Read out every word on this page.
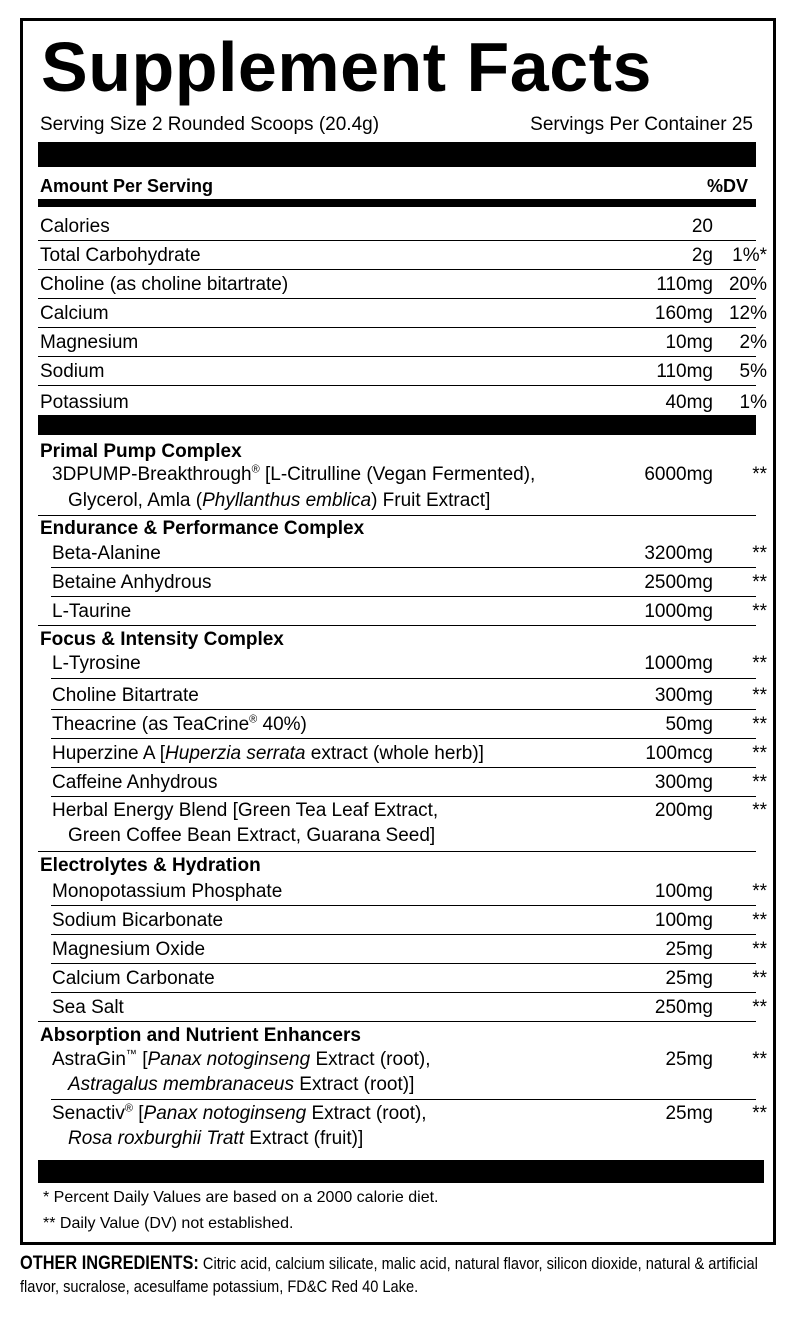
Supplement Facts
Serving Size 2 Rounded Scoops (20.4g)	Servings Per Container 25
Amount Per Serving	%DV
Calories	20
Total Carbohydrate	2g 1%*
Choline (as choline bitartrate)	110mg 20%
Calcium	160mg 12%
Magnesium	10mg 2%
Sodium	110mg 5%
Potassium	40mg 1%
Primal Pump Complex
3DPUMP-Breakthrough® [L-Citrulline (Vegan Fermented),
Glycerol, Amla (Phyllanthus emblica) Fruit Extract]
6000mg **
Endurance & Performance Complex
Beta-Alanine	3200mg **
Betaine Anhydrous	2500mg **
L-Taurine	1000mg **
Focus & Intensity Complex
L-Tyrosine	1000mg **
Choline Bitartrate	300mg **
Theacrine (as TeaCrine® 40%)	50mg **
Huperzine A [Huperzia serrata extract (whole herb)]	100mcg **
Caffeine Anhydrous	300mg **
Herbal Energy Blend [Green Tea Leaf Extract,
Green Coffee Bean Extract, Guarana Seed]
200mg **
Electrolytes & Hydration
Monopotassium Phosphate	100mg **
Sodium Bicarbonate	100mg **
Magnesium Oxide	25mg **
Calcium Carbonate	25mg **
Sea Salt	250mg **
Absorption and Nutrient Enhancers
AstraGin™ [Panax notoginseng Extract (root),
Astragalus membranaceus Extract (root)]
25mg **
Senactiv® [Panax notoginseng Extract (root),
Rosa roxburghii Tratt Extract (fruit)]
25mg **
* Percent Daily Values are based on a 2000 calorie diet.
** Daily Value (DV) not established.
OTHER INGREDIENTS: Citric acid, calcium silicate, malic acid, natural flavor, silicon dioxide, natural & artificial flavor, sucralose, acesulfame potassium, FD&C Red 40 Lake.
